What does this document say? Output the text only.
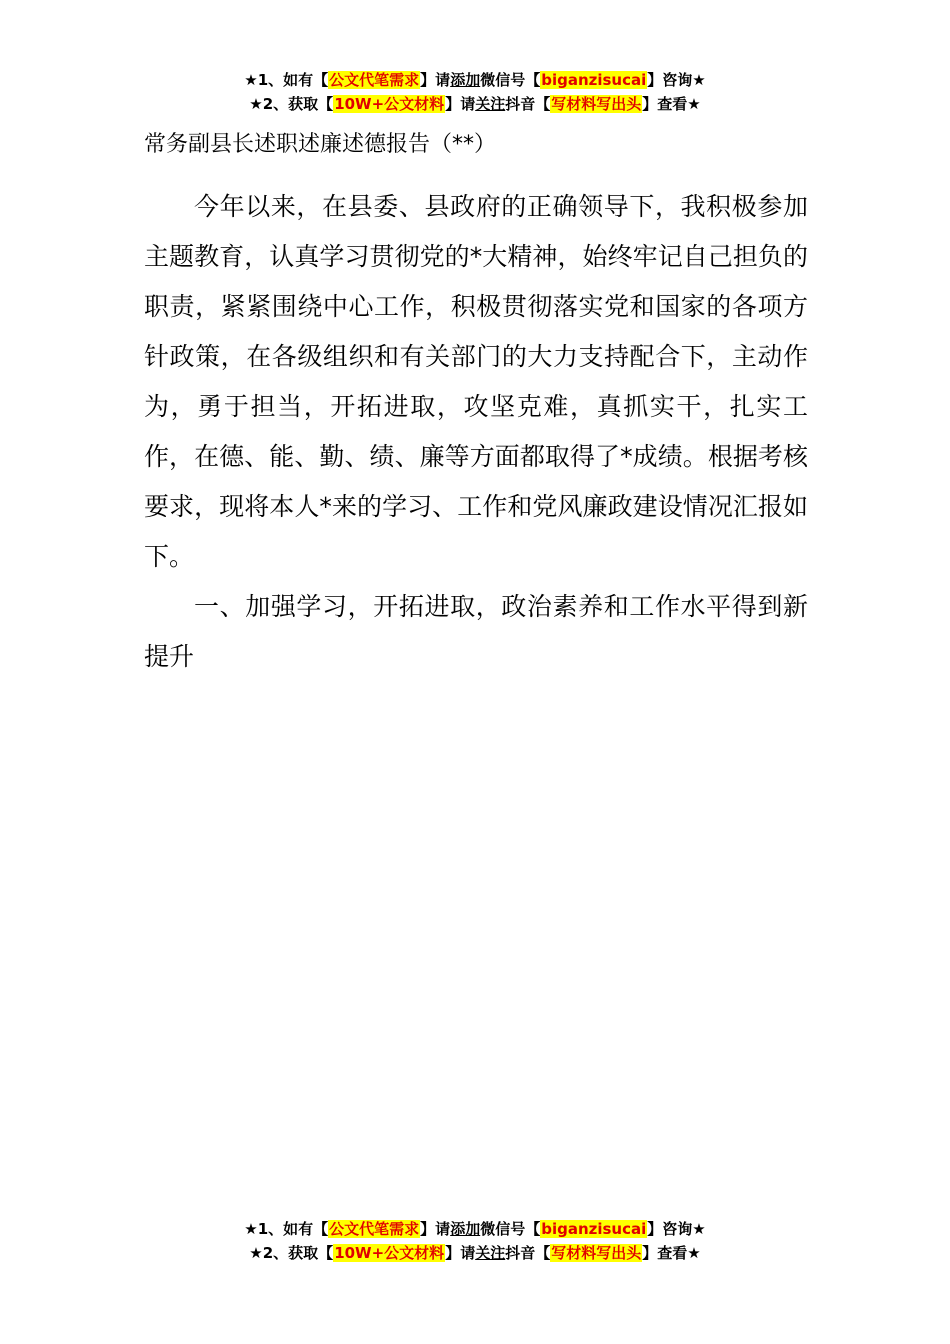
★1、如有【公文代笔需求】请添加微信号【biganzisucai】咨询★
★2、获取【10W+公文材料】请关注抖音【写材料写出头】查看★
常务副县长述职述廉述德报告（**）

今年以来，在县委、县政府的正确领导下，我积极参加主题教育，认真学习贯彻党的*大精神，始终牢记自己担负的职责，紧紧围绕中心工作，积极贯彻落实党和国家的各项方针政策，在各级组织和有关部门的大力支持配合下，主动作为，勇于担当，开拓进取，攻坚克难，真抓实干，扎实工作，在德、能、勤、绩、廉等方面都取得了*成绩。根据考核要求，现将本人*来的学习、工作和党风廉政建设情况汇报如下。

一、加强学习，开拓进取，政治素养和工作水平得到新提升

★1、如有【公文代笔需求】请添加微信号【biganzisucai】咨询★
★2、获取【10W+公文材料】请关注抖音【写材料写出头】查看★
